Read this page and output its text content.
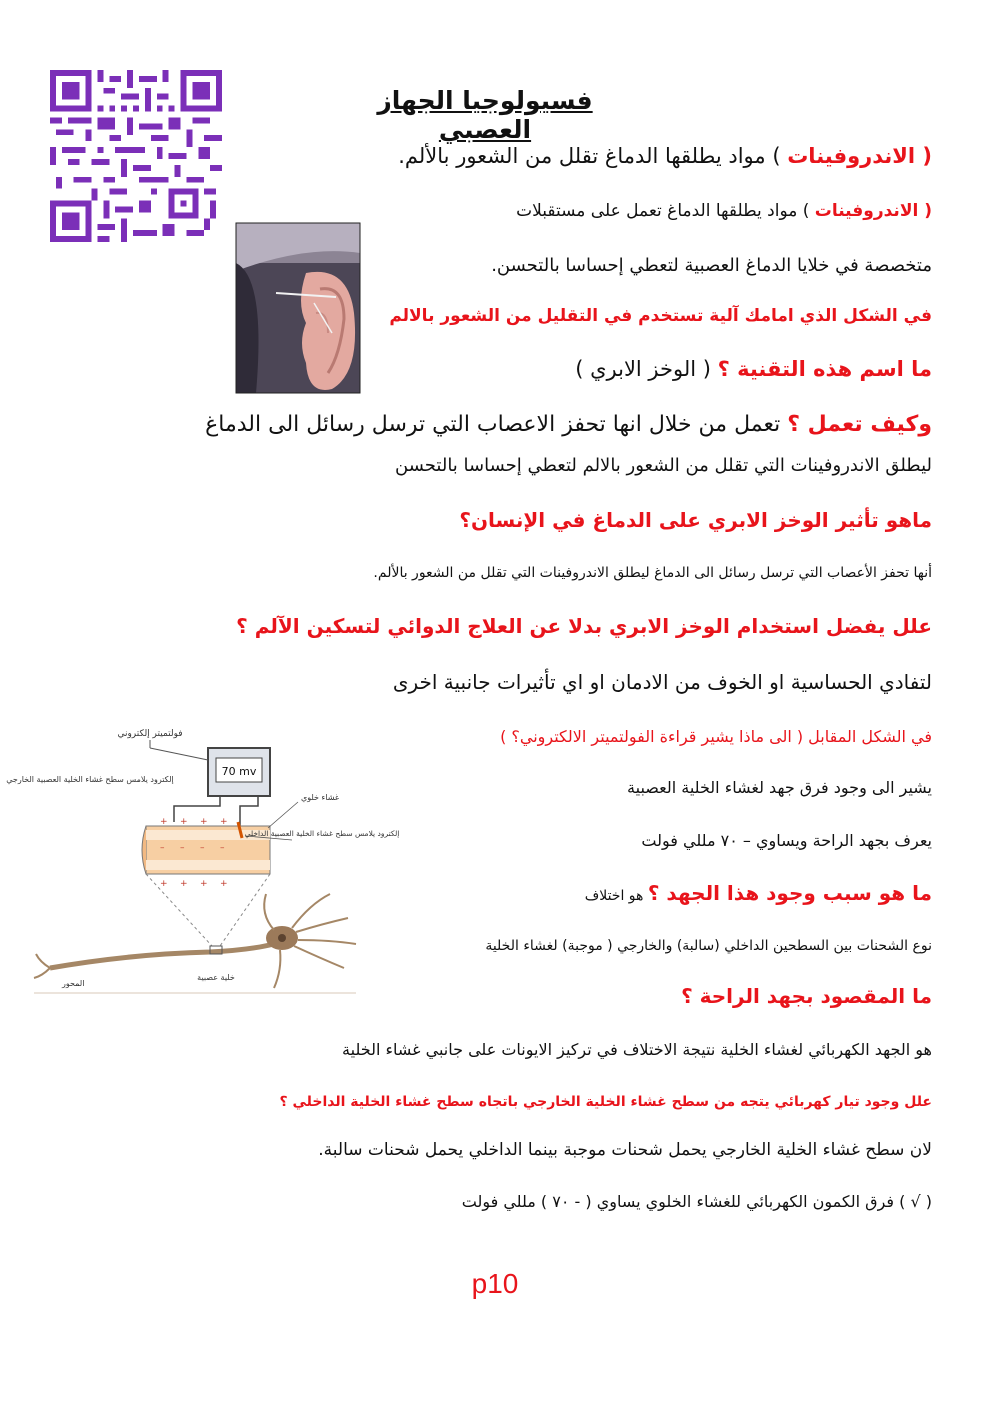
فسيولوجيا الجهاز العصبي
( الاندروفينات ) مواد يطلقها الدماغ تقلل من الشعور بالألم.
( الاندروفينات ) مواد يطلقها الدماغ تعمل على مستقبلات
متخصصة في خلايا الدماغ العصبية لتعطي إحساسا بالتحسن.
في الشكل الذي امامك آلية تستخدم في التقليل من الشعور بالالم
ما اسم هذه التقنية ؟ ( الوخز الابري )
وكيف تعمل ؟ تعمل من خلال انها تحفز الاعصاب التي ترسل رسائل الى الدماغ
ليطلق الاندروفينات التي تقلل من الشعور بالالم لتعطي إحساسا بالتحسن
ماهو تأثير الوخز الابري على الدماغ في الإنسان؟
أنها تحفز الأعصاب التي ترسل رسائل الى الدماغ ليطلق الاندروفينات التي تقلل من الشعور بالألم.
علل يفضل استخدام الوخز الابري بدلا عن العلاج الدوائي لتسكين الآلم ؟
لتفادي الحساسية او الخوف من الادمان او اي تأثيرات جانبية اخرى
في الشكل المقابل ( الى ماذا يشير قراءة الفولتميتر الالكتروني؟ )
يشير الى وجود فرق جهد لغشاء الخلية العصبية
يعرف بجهد الراحة ويساوي – ٧٠ مللي فولت
ما هو سبب وجود هذا الجهد ؟ هو اختلاف
نوع الشحنات بين السطحين الداخلي (سالبة) والخارجي ( موجبة) لغشاء الخلية
ما المقصود بجهد الراحة ؟
هو الجهد الكهربائي لغشاء الخلية نتيجة الاختلاف في تركيز الايونات على جانبي غشاء الخلية
علل وجود تيار كهربائي يتجه من سطح غشاء الخلية الخارجي باتجاه سطح غشاء الخلية الداخلي ؟
لان سطح غشاء الخلية الخارجي يحمل شحنات موجبة بينما الداخلي يحمل شحنات سالبة.
( √ ) فرق الكمون الكهربائي للغشاء الخلوي يساوي ( - ٧٠ ) مللي فولت
70 mv
فولتميتر إلكتروني
+ + + +
– – – –
+ + + +
إلكترود يلامس سطح غشاء الخلية العصبية الخارجي
غشاء خلوي
إلكترود يلامس سطح غشاء الخلية العصبية الداخلي
المحور
خلية عصبية
p10
